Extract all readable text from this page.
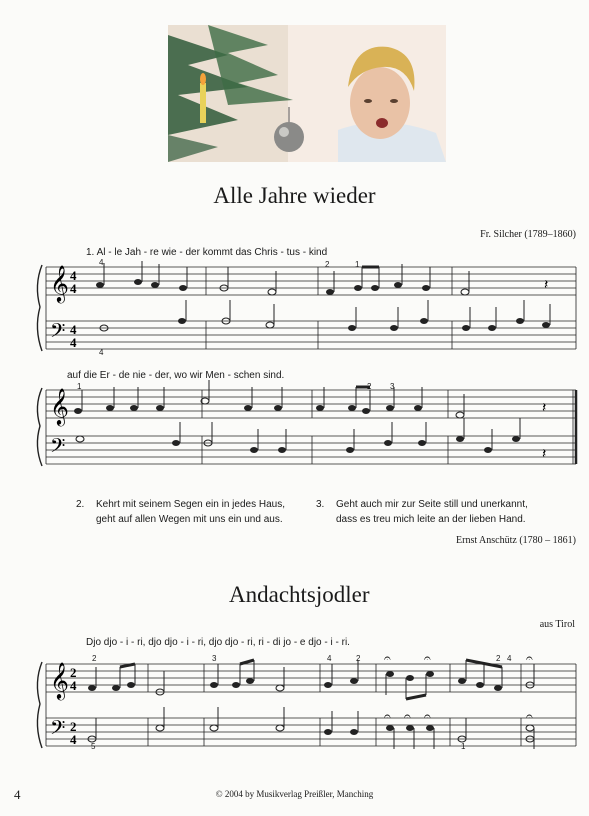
Alle Jahre wieder
Fr. Silcher (1789–1860)
1. Al - le Jah - re wie - der kommt das Chris - tus - kind
auf die Er - de nie - der, wo wir Men - schen sind.
𝄞
𝄢
4
4
4
4
𝄽
4	2	1
4
𝄞
𝄢
𝄽
𝄽
1	2 3
2. Kehrt mit seinem Segen ein in jedes Haus,
geht auf allen Wegen mit uns ein und aus.
3. Geht auch mir zur Seite still und unerkannt,
dass es treu mich leite an der lieben Hand.
Ernst Anschütz (1780 – 1861)
Andachtsjodler
aus Tirol
Djo djo - i - ri, djo djo - i - ri, djo djo - ri, ri - di jo - e djo - i - ri.
𝄞
𝄢
2
4
2
4
𝄐	𝄐	𝄐
𝄐 𝄐 𝄐	𝄐
2	3	4	2	2 4
5	1
4	© 2004 by Musikverlag Preißler, Manching
